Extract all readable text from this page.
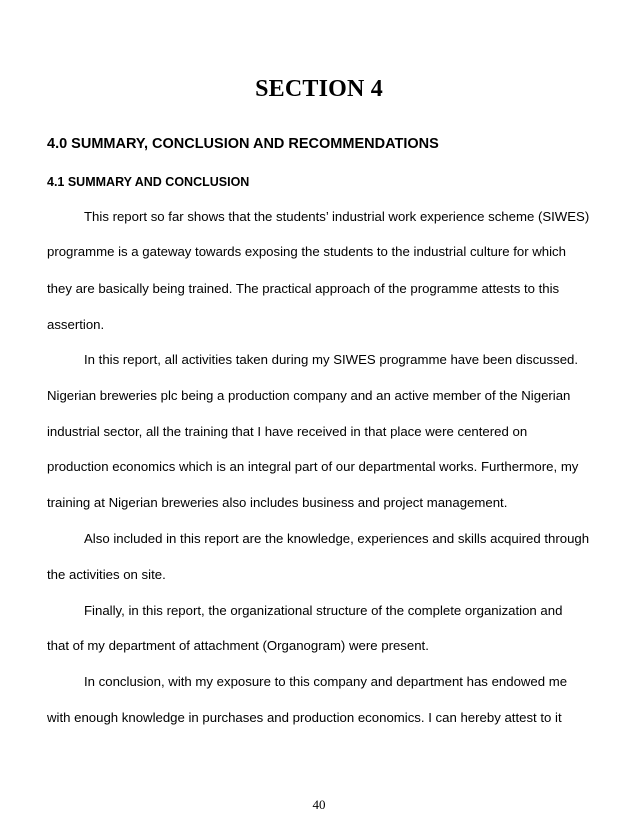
SECTION 4
4.0 SUMMARY, CONCLUSION AND RECOMMENDATIONS
4.1 SUMMARY AND CONCLUSION
This report so far shows that the students’ industrial work experience scheme (SIWES)
programme is a gateway towards exposing the students to the industrial culture for which
they are basically being trained. The practical approach of the programme attests to this
assertion.
In this report, all activities taken during my SIWES programme have been discussed.
Nigerian breweries plc being a production company and an active member of the Nigerian
industrial sector, all the training that I have received in that place were centered on
production economics which is an integral part of our departmental works. Furthermore, my
training at Nigerian breweries also includes business and project management.
Also included in this report are the knowledge, experiences and skills acquired through
the activities on site.
Finally, in this report, the organizational structure of the complete organization and
that of my department of attachment (Organogram) were present.
In conclusion, with my exposure to this company and department has endowed me
with enough knowledge in purchases and production economics. I can hereby attest to it
40
